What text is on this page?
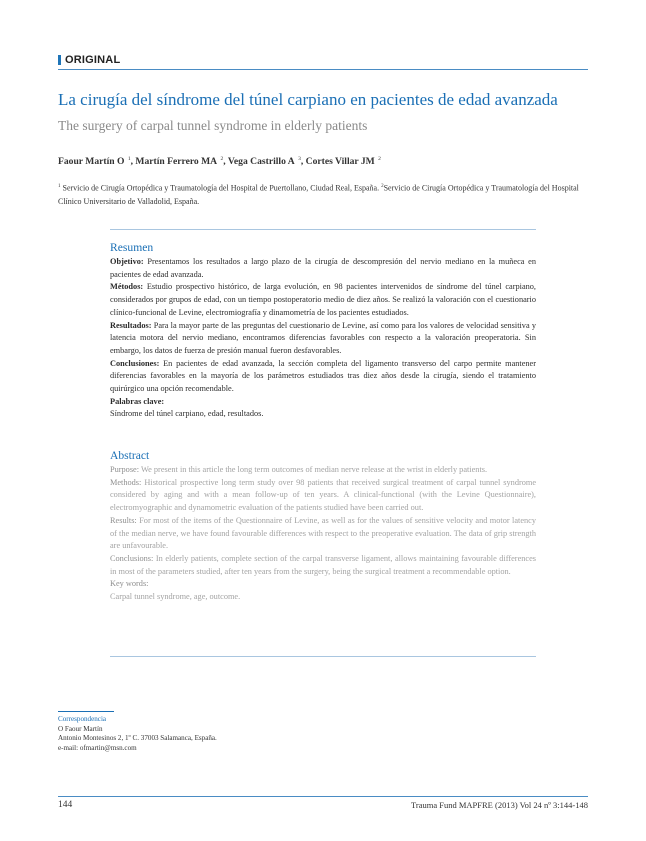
ORIGINAL
La cirugía del síndrome del túnel carpiano en pacientes de edad avanzada
The surgery of carpal tunnel syndrome in elderly patients
Faour Martín O $^1$, Martín Ferrero MA $^2$, Vega Castrillo A $^3$, Cortes Villar JM $^2$
$^1$ Servicio de Cirugía Ortopédica y Traumatología del Hospital de Puertollano, Ciudad Real, España. $^2$Servicio de Cirugía Ortopédica y Traumatología del Hospital Clínico Universitario de Valladolid, España.
Resumen

Objetivo: Presentamos los resultados a largo plazo de la cirugía de descompresión del nervio mediano en la muñeca en pacientes de edad avanzada.

Métodos: Estudio prospectivo histórico, de larga evolución, en 98 pacientes intervenidos de síndrome del túnel carpiano, considerados por grupos de edad, con un tiempo postoperatorio medio de diez años. Se realizó la valoración con el cuestionario clínico-funcional de Levine, electromiografía y dinamometría de los pacientes estudiados.

Resultados: Para la mayor parte de las preguntas del cuestionario de Levine, así como para los valores de velocidad sensitiva y latencia motora del nervio mediano, encontramos diferencias favorables con respecto a la valoración preoperatoria. Sin embargo, los datos de fuerza de presión manual fueron desfavorables.

Conclusiones: En pacientes de edad avanzada, la sección completa del ligamento transverso del carpo permite mantener diferencias favorables en la mayoría de los parámetros estudiados tras diez años desde la cirugía, siendo el tratamiento quirúrgico una opción recomendable.

Palabras clave:

Síndrome del túnel carpiano, edad, resultados.

Abstract

Purpose: We present in this article the long term outcomes of median nerve release at the wrist in elderly patients.

Methods: Historical prospective long term study over 98 patients that received surgical treatment of carpal tunnel syndrome considered by aging and with a mean follow-up of ten years. A clinical-functional (with the Levine Questionnaire), electromyographic and dynamometric evaluation of the patients studied have been carried out.

Results: For most of the items of the Questionnaire of Levine, as well as for the values of sensitive velocity and motor latency of the median nerve, we have found favourable differences with respect to the preoperative evaluation. The data of grip strength are unfavourable.

Conclusions: In elderly patients, complete section of the carpal transverse ligament, allows maintaining favourable differences in most of the parameters studied, after ten years from the surgery, being the surgical treatment a recommendable option.

Key words:

Carpal tunnel syndrome, age, outcome.

Correspondencia
O Faour Martín
Antonio Montesinos 2, 1º C. 37003 Salamanca, España.
e-mail: ofmartin@msn.com
144	Trauma Fund MAPFRE (2013) Vol 24 nº 3:144-148
